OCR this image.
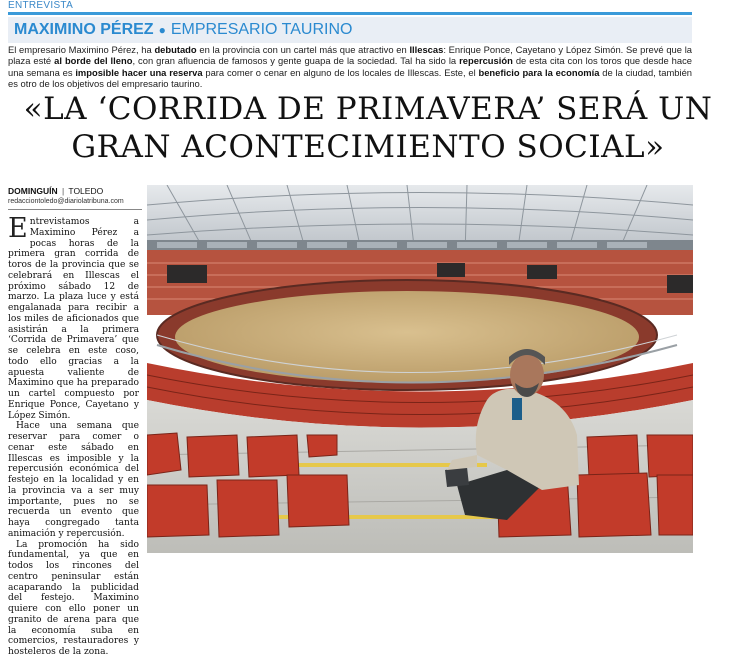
ENTREVISTA
MAXIMINO PÉREZ ● EMPRESARIO TAURINO
El empresario Maximino Pérez, ha debutado en la provincia con un cartel más que atractivo en Illescas: Enrique Ponce, Cayetano y López Simón. Se prevé que la plaza esté al borde del lleno, con gran afluencia de famosos y gente guapa de la sociedad. Tal ha sido la repercusión de esta cita con los toros que desde hace una semana es imposible hacer una reserva para comer o cenar en alguno de los locales de Illescas. Este, el beneficio para la economía de la ciudad, también es otro de los objetivos del empresario taurino.
«LA ‘CORRIDA DE PRIMAVERA’ SERÁ UN
GRAN ACONTECIMIENTO SOCIAL»
DOMINGUÍN | TOLEDO
redacciontoledo@diariolatribuna.com

Entrevistamos a Maximino Pérez a pocas horas de la primera gran corrida de toros de la provincia que se celebrará en Illescas el próximo sábado 12 de marzo. La plaza luce y está engalanada para recibir a los miles de aficionados que asistirán a la primera ‘Corrida de Primavera’ que se celebra en este coso, todo ello gracias a la apuesta valiente de Maximino que ha preparado un cartel compuesto por Enrique Ponce, Cayetano y López Simón.

Hace una semana que reservar para comer o cenar este sábado en Illescas es imposible y la repercusión económica del festejo en la localidad y en la provincia va a ser muy importante, pues no se recuerda un evento que haya congregado tanta animación y repercusión.

La promoción ha sido fundamental, ya que en todos los rincones del centro peninsular están acaparando la publicidad del festejo. Maximino quiere con ello poner un granito de arena para que la economía suba en comercios, restauradores y hosteleros de la zona.
